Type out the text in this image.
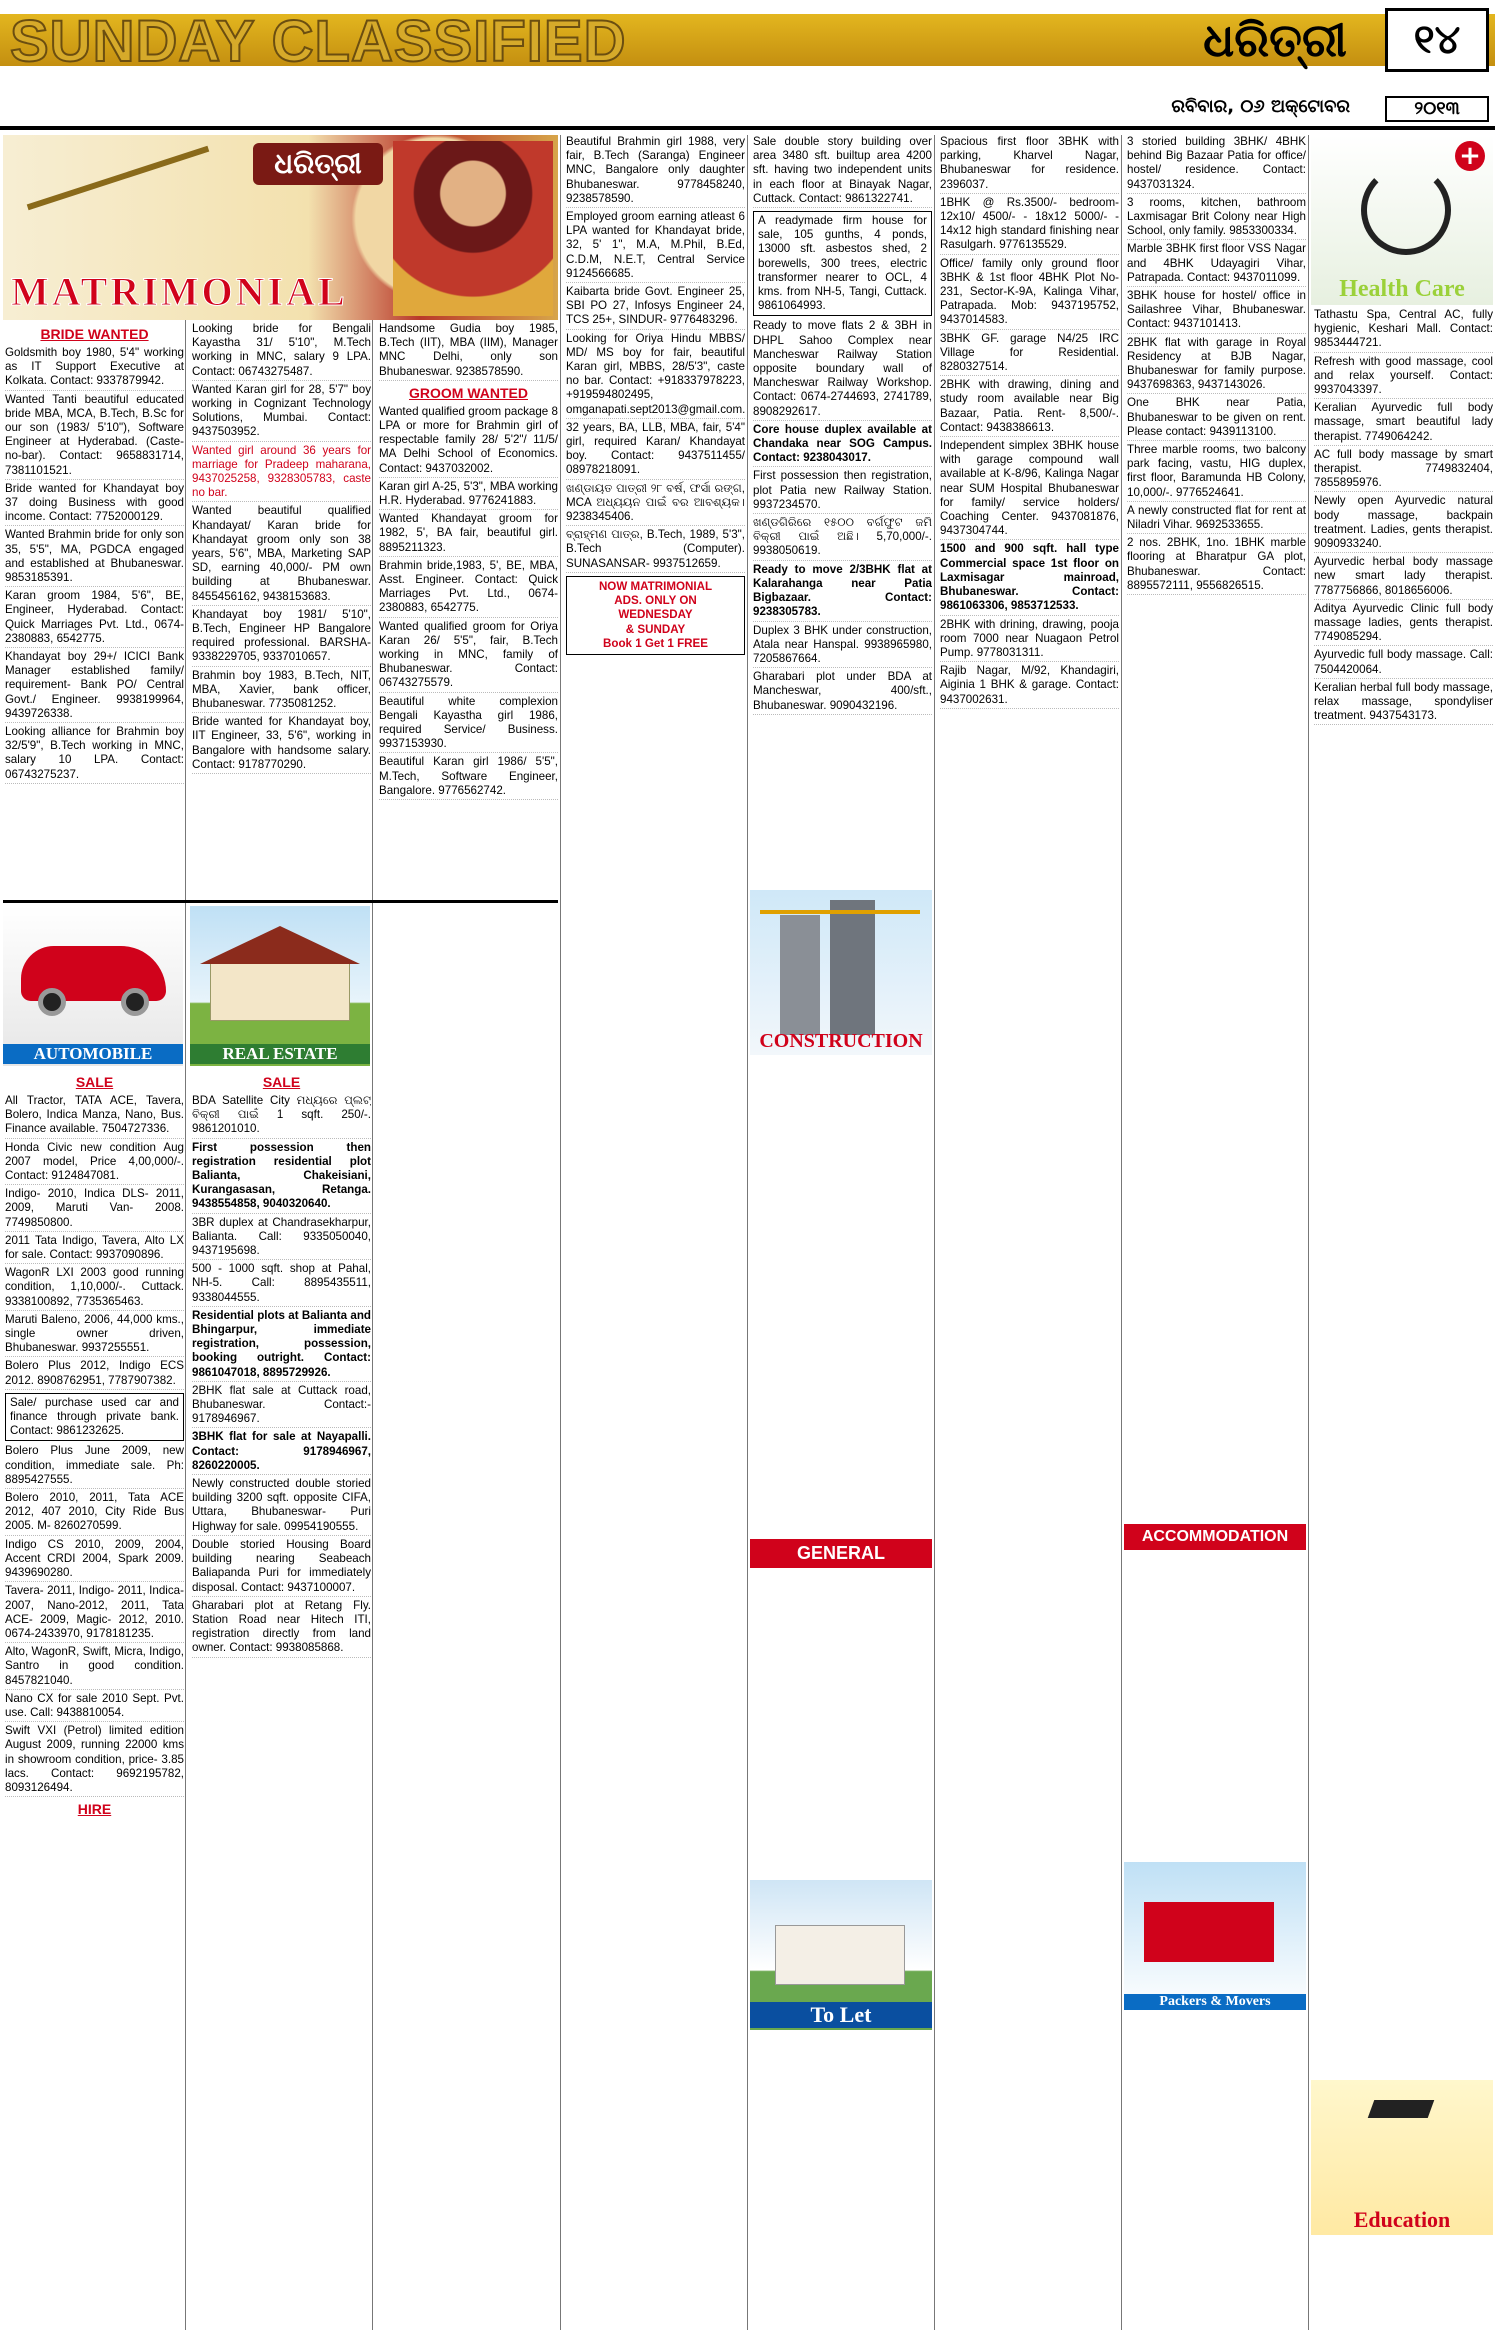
SUNDAY CLASSIFIED	ଧରିତ୍ରୀ	୧୪
ରବିବାର, ୦୬ ଅକ୍ଟୋବର	୨୦୧୩
ଧରିତ୍ରୀ
MATRIMONIAL
+
Health Care
BRIDE WANTED

Goldsmith boy 1980, 5'4" working as IT Support Executive at Kolkata. Contact: 9337879942.

Wanted Tanti beautiful educated bride MBA, MCA, B.Tech, B.Sc for our son (1983/ 5'10"), Software Engineer at Hyderabad. (Caste-no-bar). Contact: 9658831714, 7381101521.

Bride wanted for Khandayat boy 37 doing Business with good income. Contact: 7752000129.

Wanted Brahmin bride for only son 35, 5'5", MA, PGDCA engaged and established at Bhubaneswar. 9853185391.

Karan groom 1984, 5'6", BE, Engineer, Hyderabad. Contact: Quick Marriages Pvt. Ltd., 0674-2380883, 6542775.

Khandayat boy 29+/ ICICI Bank Manager established family/ requirement- Bank PO/ Central Govt./ Engineer. 9938199964, 9439726338.

Looking alliance for Brahmin boy 32/5'9", B.Tech working in MNC, salary 10 LPA. Contact: 06743275237.

Looking bride for Bengali Kayastha 31/ 5'10", M.Tech working in MNC, salary 9 LPA. Contact: 06743275487.

Wanted Karan girl for 28, 5'7" boy working in Cognizant Technology Solutions, Mumbai. Contact: 9437503952.

Wanted girl around 36 years for marriage for Pradeep maharana, 9437025258, 9328305783, caste no bar.

Wanted beautiful qualified Khandayat/ Karan bride for Khandayat groom only son 38 years, 5'6", MBA, Marketing SAP SD, earning 40,000/- PM own building at Bhubaneswar. 8455456162, 9438153683.

Khandayat boy 1981/ 5'10", B.Tech, Engineer HP Bangalore required professional. BARSHA- 9338229705, 9337010657.

Brahmin boy 1983, B.Tech, NIT, MBA, Xavier, bank officer, Bhubaneswar. 7735081252.

Bride wanted for Khandayat boy, IIT Engineer, 33, 5'6", working in Bangalore with handsome salary. Contact: 9178770290.

Handsome Gudia boy 1985, B.Tech (IIT), MBA (IIM), Manager MNC Delhi, only son Bhubaneswar. 9238578590.

GROOM WANTED

Wanted qualified groom package 8 LPA or more for Brahmin girl of respectable family 28/ 5'2"/ 11/5/ MA Delhi School of Economics. Contact: 9437032002.

Karan girl A-25, 5'3", MBA working H.R. Hyderabad. 9776241883.

Wanted Khandayat groom for 1982, 5', BA fair, beautiful girl. 8895211323.

Brahmin bride,1983, 5', BE, MBA, Asst. Engineer. Contact: Quick Marriages Pvt. Ltd., 0674-2380883, 6542775.

Wanted qualified groom for Oriya Karan 26/ 5'5", fair, B.Tech working in MNC, family of Bhubaneswar. Contact: 06743275579.

Beautiful white complexion Bengali Kayastha girl 1986, required Service/ Business. 9937153930.

Beautiful Karan girl 1986/ 5'5", M.Tech, Software Engineer, Bangalore. 9776562742.

Beautiful Brahmin girl 1988, very fair, B.Tech (Saranga) Engineer MNC, Bangalore only daughter Bhubaneswar. 9778458240, 9238578590.

Employed groom earning atleast 6 LPA wanted for Khandayat bride, 32, 5' 1", M.A, M.Phil, B.Ed, C.D.M, N.E.T, Central Service 9124566685.

Kaibarta bride Govt. Engineer 25, SBI PO 27, Infosys Engineer 24, TCS 25+, SINDUR- 9776483296.

Looking for Oriya Hindu MBBS/ MD/ MS boy for fair, beautiful Karan girl, MBBS, 28/5'3", caste no bar. Contact: +918337978223, +919594802495, omganapati.sept2013@gmail.com.

32 years, BA, LLB, MBA, fair, 5'4" girl, required Karan/ Khandayat boy. Contact: 9437511455/ 08978218091.

ଖଣ୍ଡାୟତ ପାତ୍ରୀ ୨୮ ବର୍ଷ, ଫର୍ସା ରଙ୍ଗ, MCA ଅଧ୍ୟୟନ ପାଇଁ ବର ଆବଶ୍ୟକ। 9238345406.

ବ୍ରାହ୍ମଣ ପାତ୍ର, B.Tech, 1989, 5'3", B.Tech (Computer). SUNASANSAR- 9937512659.

NOW MATRIMONIAL
ADS. ONLY ON
WEDNESDAY
& SUNDAY
Book 1 Get 1 FREE

Sale double story building over area 3480 sft. builtup area 4200 sft. having two independent units in each floor at Binayak Nagar, Cuttack. Contact: 9861322741.

A readymade firm house for sale, 105 gunths, 4 ponds, 13000 sft. asbestos shed, 2 borewells, 300 trees, electric transformer nearer to OCL, 4 kms. from NH-5, Tangi, Cuttack. 9861064993.

Ready to move flats 2 & 3BH in DHPL Sahoo Complex near Mancheswar Railway Station opposite boundary wall of Mancheswar Railway Workshop. Contact: 0674-2744693, 2741789, 8908292617.

Core house duplex available at Chandaka near SOG Campus. Contact: 9238043017.

First possession then registration, plot Patia new Railway Station. 9937234570.

ଖଣ୍ଡଗିରିରେ ୧୫୦୦ ବର୍ଗଫୁଟ ଜମି ବିକ୍ରୀ ପାଇଁ ଅଛି। 5,70,000/-. 9938050619.

Ready to move 2/3BHK flat at Kalarahanga near Patia Bigbazaar. Contact: 9238305783.

Duplex 3 BHK under construction, Atala near Hanspal. 9938965980, 7205867664.

Gharabari plot under BDA at Mancheswar, 400/sft., Bhubaneswar. 9090432196.

Spacious first floor 3BHK with parking, Kharvel Nagar, Bhubaneswar for residence. 2396037.

1BHK @ Rs.3500/- bedroom- 12x10/ 4500/- - 18x12 5000/- - 14x12 high standard finishing near Rasulgarh. 9776135529.

Office/ family only ground floor 3BHK & 1st floor 4BHK Plot No-231, Sector-K-9A, Kalinga Vihar, Patrapada. Mob: 9437195752, 9437014583.

3BHK GF. garage N4/25 IRC Village for Residential. 8280327514.

2BHK with drawing, dining and study room available near Big Bazaar, Patia. Rent- 8,500/-. Contact: 9438386613.

Independent simplex 3BHK house with garage compound wall available at K-8/96, Kalinga Nagar near SUM Hospital Bhubaneswar for family/ service holders/ Coaching Center. 9437081876, 9437304744.

1500 and 900 sqft. hall type Commercial space 1st floor on Laxmisagar mainroad, Bhubaneswar. Contact: 9861063306, 9853712533.

2BHK with drining, drawing, pooja room 7000 near Nuagaon Petrol Pump. 9778031311.

Rajib Nagar, M/92, Khandagiri, Aiginia 1 BHK & garage. Contact: 9437002631.

3 storied building 3BHK/ 4BHK behind Big Bazaar Patia for office/ hostel/ residence. Contact: 9437031324.

3 rooms, kitchen, bathroom Laxmisagar Brit Colony near High School, only family. 9853300334.

Marble 3BHK first floor VSS Nagar and 4BHK Udayagiri Vihar, Patrapada. Contact: 9437011099.

3BHK house for hostel/ office in Sailashree Vihar, Bhubaneswar. Contact: 9437101413.

2BHK flat with garage in Royal Residency at BJB Nagar, Bhubaneswar for family purpose. 9437698363, 9437143026.

One BHK near Patia, Bhubaneswar to be given on rent. Please contact: 9439113100.

Three marble rooms, two balcony park facing, vastu, HIG duplex, first floor, Baramunda HB Colony, 10,000/-. 9776524641.

A newly constructed flat for rent at Niladri Vihar. 9692533655.

2 nos. 2BHK, 1no. 1BHK marble flooring at Bharatpur GA plot, Bhubaneswar. Contact: 8895572111, 9556826515.

Tathastu Spa, Central AC, fully hygienic, Keshari Mall. Contact: 9853444721.

Refresh with good massage, cool and relax yourself. Contact: 9937043397.

Keralian Ayurvedic full body massage, smart beautiful lady therapist. 7749064242.

AC full body massage by smart therapist. 7749832404, 7855895976.

Newly open Ayurvedic natural body massage, backpain treatment. Ladies, gents therapist. 9090933240.

Ayurvedic herbal body massage new smart lady therapist. 7787756866, 8018656006.

Aditya Ayurvedic Clinic full body massage ladies, gents therapist. 7749085294.

Ayurvedic full body massage. Call: 7504420064.

Keralian herbal full body massage, relax massage, spondyliser treatment. 9437543173.

AUTOMOBILE	REAL ESTATE
SALE

All Tractor, TATA ACE, Tavera, Bolero, Indica Manza, Nano, Bus. Finance available. 7504727336.

Honda Civic new condition Aug 2007 model, Price 4,00,000/-. Contact: 9124847081.

Indigo- 2010, Indica DLS- 2011, 2009, Maruti Van- 2008. 7749850800.

2011 Tata Indigo, Tavera, Alto LX for sale. Contact: 9937090896.

WagonR LXI 2003 good running condition, 1,10,000/-. Cuttack. 9338100892, 7735365463.

Maruti Baleno, 2006, 44,000 kms., single owner driven, Bhubaneswar. 9937255551.

Bolero Plus 2012, Indigo ECS 2012. 8908762951, 7787907382.

Sale/ purchase used car and finance through private bank. Contact: 9861232625.

Bolero Plus June 2009, new condition, immediate sale. Ph: 8895427555.

Bolero 2010, 2011, Tata ACE 2012, 407 2010, City Ride Bus 2005. M- 8260270599.

Indigo CS 2010, 2009, 2004, Accent CRDI 2004, Spark 2009. 9439690280.

Tavera- 2011, Indigo- 2011, Indica- 2007, Nano-2012, 2011, Tata ACE- 2009, Magic- 2012, 2010. 0674-2433970, 9178181235.

Alto, WagonR, Swift, Micra, Indigo, Santro in good condition. 8457821040.

Nano CX for sale 2010 Sept. Pvt. use. Call: 9438810054.

Swift VXI (Petrol) limited edition August 2009, running 22000 kms in showroom condition, price- 3.85 lacs. Contact: 9692195782, 8093126494.

HIRE
SALE

BDA Satellite City ମଧ୍ୟରେ ପ୍ଲଟ୍ ବିକ୍ରୀ ପାଇଁ 1 sqft. 250/-. 9861201010.

First possession then registration residential plot Balianta, Chakeisiani, Kurangasasan, Retanga. 9438554858, 9040320640.

3BR duplex at Chandrasekharpur, Balianta. Call: 9335050040, 9437195698.

500 - 1000 sqft. shop at Pahal, NH-5. Call: 8895435511, 9338044555.

Residential plots at Balianta and Bhingarpur, immediate registration, possession, booking outright. Contact: 9861047018, 8895729926.

2BHK flat sale at Cuttack road, Bhubaneswar. Contact:- 9178946967.

3BHK flat for sale at Nayapalli. Contact: 9178946967, 8260220005.

Newly constructed double storied building 3200 sqft. opposite CIFA, Uttara, Bhubaneswar- Puri Highway for sale. 09954190555.

Double storied Housing Board building nearing Seabeach Baliapanda Puri for immediately disposal. Contact: 9437100007.

Gharabari plot at Retang Fly. Station Road near Hitech ITI, registration directly from land owner. Contact: 9938085868.

CONSTRUCTION
GENERAL
To Let
ACCOMMODATION
Packers & Movers
Education
